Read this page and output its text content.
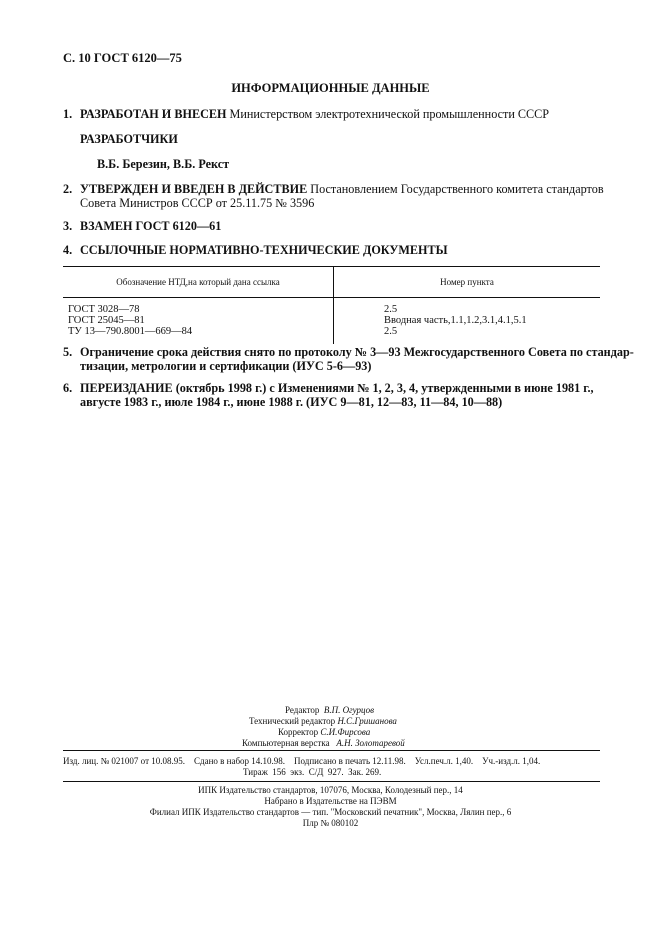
С. 10 ГОСТ 6120—75
ИНФОРМАЦИОННЫЕ ДАННЫЕ
1. РАЗРАБОТАН И ВНЕСЕН Министерством электротехнической промышленности СССР
РАЗРАБОТЧИКИ
В.Б. Березин, В.Б. Рекст
2. УТВЕРЖДЕН И ВВЕДЕН В ДЕЙСТВИЕ Постановлением Государственного комитета стандартов
Совета Министров СССР от 25.11.75 № 3596
3. ВЗАМЕН ГОСТ 6120—61
4. ССЫЛОЧНЫЕ НОРМАТИВНО-ТЕХНИЧЕСКИЕ ДОКУМЕНТЫ
Обозначение НТД,на который дана ссылка	Номер пункта
ГОСТ 3028—78	2.5
ГОСТ 25045—81	Вводная часть,1.1,1.2,3.1,4.1,5.1
ТУ 13—790.8001—669—84	2.5
5. Ограничение срока действия снято по протоколу № 3—93 Межгосударственного Совета по стандар-
тизации, метрологии и сертификации (ИУС 5-6—93)
6. ПЕРЕИЗДАНИЕ (октябрь 1998 г.) с Изменениями № 1, 2, 3, 4, утвержденными в июне 1981 г.,
августе 1983 г., июле 1984 г., июне 1988 г. (ИУС 9—81, 12—83, 11—84, 10—88)
Редактор В.П. Огурцов
Технический редактор Н.С.Гришанова
Корректор С.И.Фирсова
Компьютерная верстка А.Н. Золотаревой
Изд. лиц. № 021007 от 10.08.95.    Сдано в набор 14.10.98.    Подписано в печать 12.11.98.    Усл.печ.л. 1,40.    Уч.-изд.л. 1,04.
Тираж  156  экз.  С/Д  927.  Зак. 269.
ИПК Издательство стандартов, 107076, Москва, Колодезный пер., 14
Набрано в Издательстве на ПЭВМ
Филиал ИПК Издательство стандартов — тип. "Московский печатник", Москва, Лялин пер., 6
Плр № 080102
